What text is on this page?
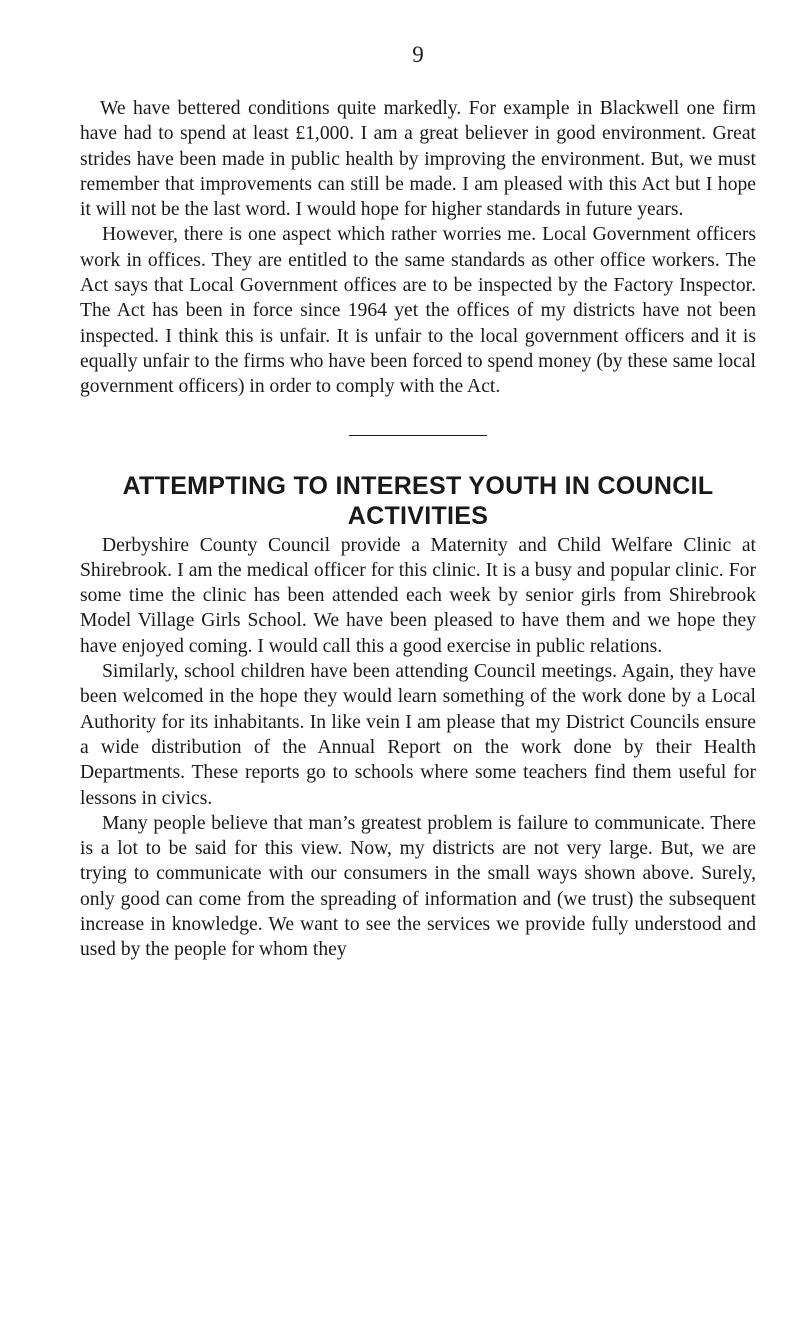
9

We have bettered conditions quite markedly. For example in Blackwell one firm have had to spend at least £1,000. I am a great believer in good environment. Great strides have been made in public health by improving the environment. But, we must remember that improvements can still be made. I am pleased with this Act but I hope it will not be the last word. I would hope for higher standards in future years.

However, there is one aspect which rather worries me. Local Government officers work in offices. They are entitled to the same standards as other office workers. The Act says that Local Government offices are to be inspected by the Factory Inspector. The Act has been in force since 1964 yet the offices of my districts have not been inspected. I think this is unfair. It is unfair to the local government officers and it is equally unfair to the firms who have been forced to spend money (by these same local government officers) in order to comply with the Act.

ATTEMPTING TO INTEREST YOUTH IN COUNCIL ACTIVITIES

Derbyshire County Council provide a Maternity and Child Welfare Clinic at Shirebrook. I am the medical officer for this clinic. It is a busy and popular clinic. For some time the clinic has been attended each week by senior girls from Shirebrook Model Village Girls School. We have been pleased to have them and we hope they have enjoyed coming. I would call this a good exercise in public relations.

Similarly, school children have been attending Council meetings. Again, they have been welcomed in the hope they would learn something of the work done by a Local Authority for its inhabitants. In like vein I am please that my District Councils ensure a wide distribution of the Annual Report on the work done by their Health Departments. These reports go to schools where some teachers find them useful for lessons in civics.

Many people believe that man’s greatest problem is failure to communicate. There is a lot to be said for this view. Now, my districts are not very large. But, we are trying to communicate with our consumers in the small ways shown above. Surely, only good can come from the spreading of information and (we trust) the subsequent increase in knowledge. We want to see the services we provide fully understood and used by the people for whom they
